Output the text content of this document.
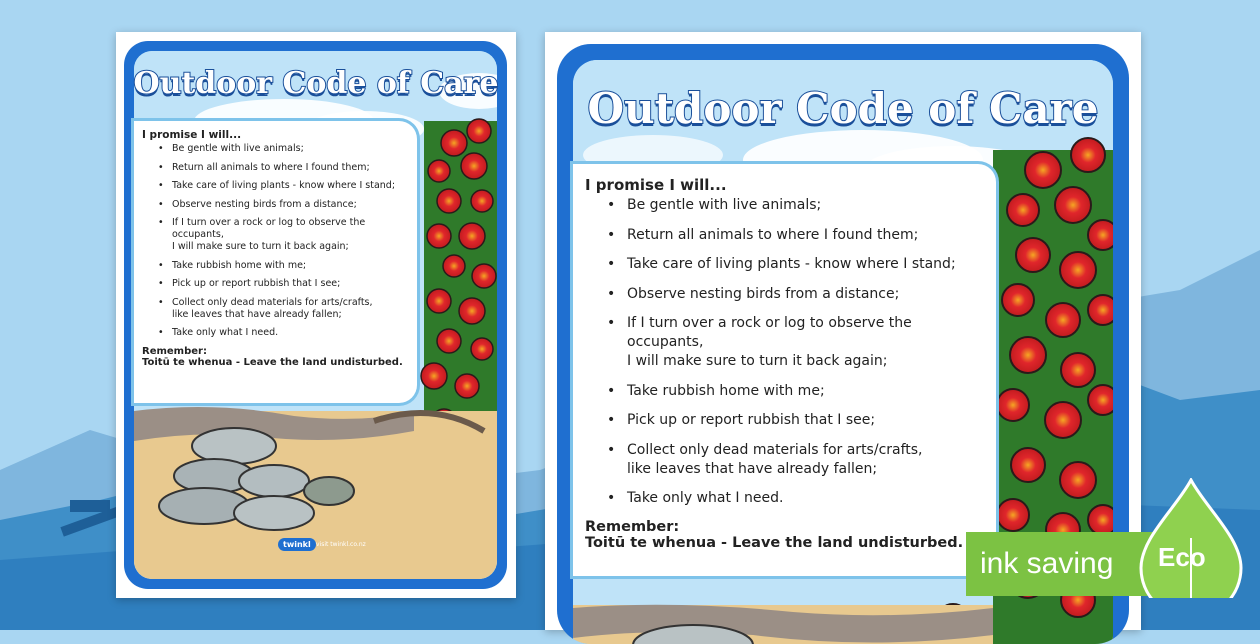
Outdoor Code of Care
I promise I will...
• Be gentle with live animals;
• Return all animals to where I found them;
• Take care of living plants - know where I stand;
• Observe nesting birds from a distance;
• If I turn over a rock or log to observe the
occupants,
I will make sure to turn it back again;
• Take rubbish home with me;
• Pick up or report rubbish that I see;
• Collect only dead materials for arts/crafts,
like leaves that have already fallen;
• Take only what I need.
Remember:
Toitū te whenua - Leave the land undisturbed.
twinkl visit twinkl.co.nz
Outdoor Code of Care
I promise I will...
• Be gentle with live animals;
• Return all animals to where I found them;
• Take care of living plants - know where I stand;
• Observe nesting birds from a distance;
• If I turn over a rock or log to observe the
occupants,
I will make sure to turn it back again;
• Take rubbish home with me;
• Pick up or report rubbish that I see;
• Collect only dead materials for arts/crafts,
like leaves that have already fallen;
• Take only what I need.
Remember:
Toitū te whenua - Leave the land undisturbed.
ink saving	Eco
